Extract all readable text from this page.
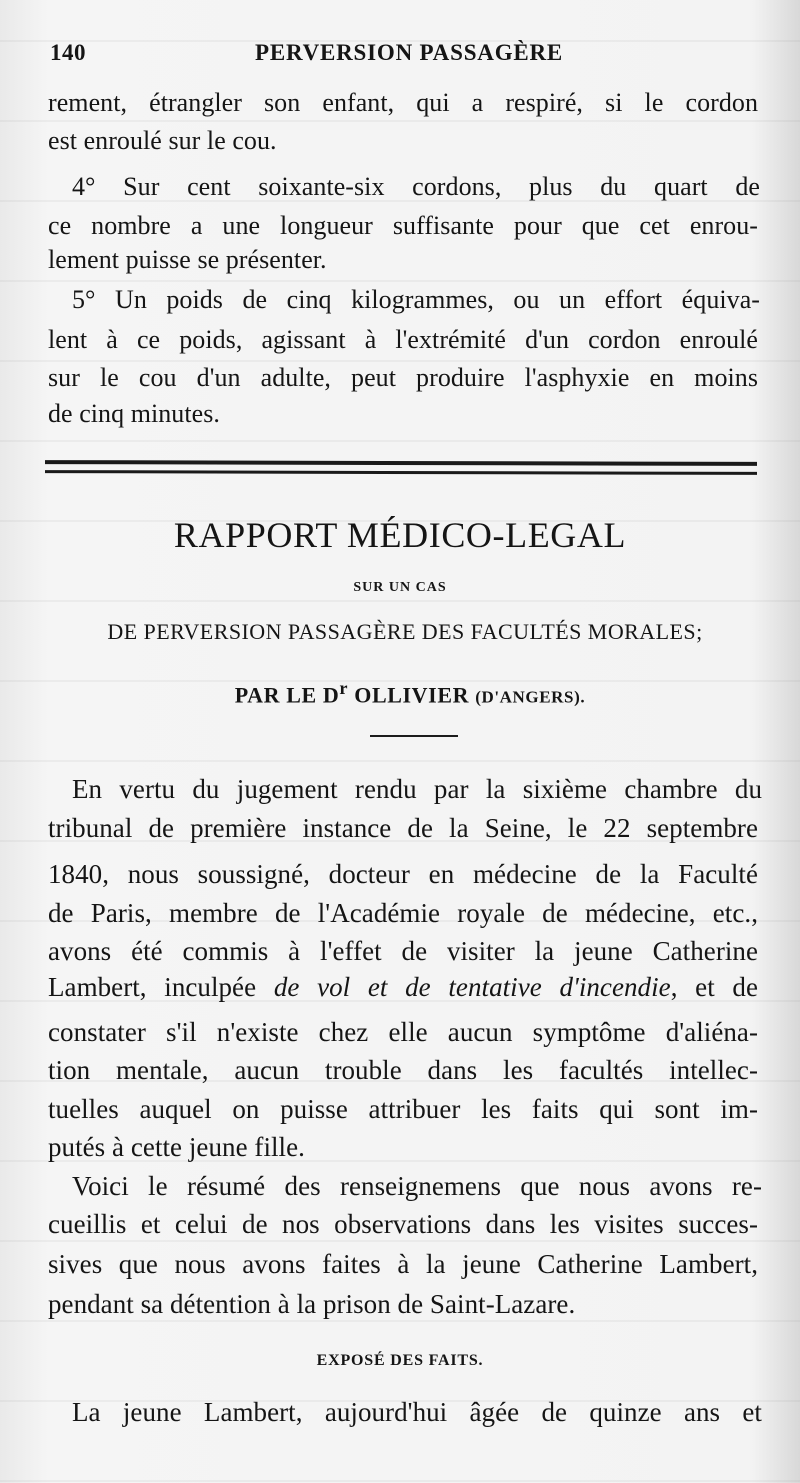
140	PERVERSION PASSAGÈRE
rement, étrangler son enfant, qui a respiré, si le cordon
est enroulé sur le cou.
4° Sur cent soixante-six cordons, plus du quart de
ce nombre a une longueur suffisante pour que cet enrou-
lement puisse se présenter.
5° Un poids de cinq kilogrammes, ou un effort équiva-
lent à ce poids, agissant à l'extrémité d'un cordon enroulé
sur le cou d'un adulte, peut produire l'asphyxie en moins
de cinq minutes.
RAPPORT MÉDICO-LEGAL
SUR UN CAS
DE PERVERSION PASSAGÈRE DES FACULTÉS MORALES;
PAR LE $D^r$ OLLIVIER (D'ANGERS).
En vertu du jugement rendu par la sixième chambre du
tribunal de première instance de la Seine, le 22 septembre
1840, nous soussigné, docteur en médecine de la Faculté
de Paris, membre de l'Académie royale de médecine, etc.,
avons été commis à l'effet de visiter la jeune Catherine
Lambert, inculpée de vol et de tentative d'incendie, et de
constater s'il n'existe chez elle aucun symptôme d'aliéna-
tion mentale, aucun trouble dans les facultés intellec-
tuelles auquel on puisse attribuer les faits qui sont im-
putés à cette jeune fille.
Voici le résumé des renseignemens que nous avons re-
cueillis et celui de nos observations dans les visites succes-
sives que nous avons faites à la jeune Catherine Lambert,
pendant sa détention à la prison de Saint-Lazare.
EXPOSÉ DES FAITS.
La jeune Lambert, aujourd'hui âgée de quinze ans et
